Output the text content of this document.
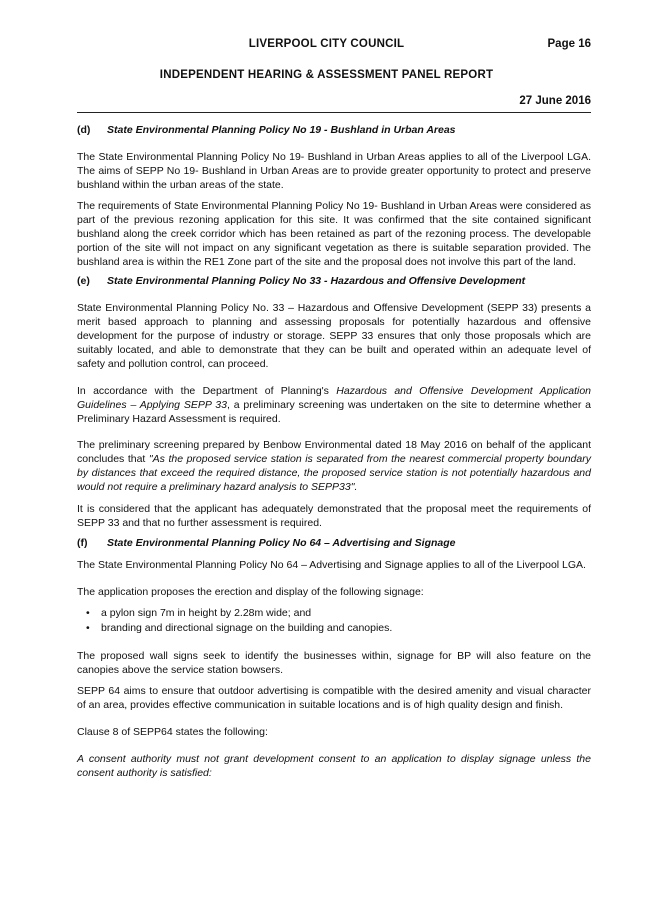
LIVERPOOL CITY COUNCIL	Page 16
INDEPENDENT HEARING & ASSESSMENT PANEL REPORT
27 June 2016
(d)	State Environmental Planning Policy No 19 - Bushland in Urban Areas

The State Environmental Planning Policy No 19- Bushland in Urban Areas applies to all of the Liverpool LGA. The aims of SEPP No 19- Bushland in Urban Areas are to provide greater opportunity to protect and preserve bushland within the urban areas of the state.

The requirements of State Environmental Planning Policy No 19- Bushland in Urban Areas were considered as part of the previous rezoning application for this site. It was confirmed that the site contained significant bushland along the creek corridor which has been retained as part of the rezoning process. The developable portion of the site will not impact on any significant vegetation as there is suitable separation provided. The bushland area is within the RE1 Zone part of the site and the proposal does not involve this part of the land.

(e)	State Environmental Planning Policy No 33 - Hazardous and Offensive Development

State Environmental Planning Policy No. 33 – Hazardous and Offensive Development (SEPP 33) presents a merit based approach to planning and assessing proposals for potentially hazardous and offensive development for the purpose of industry or storage. SEPP 33 ensures that only those proposals which are suitably located, and able to demonstrate that they can be built and operated within an adequate level of safety and pollution control, can proceed.

In accordance with the Department of Planning's Hazardous and Offensive Development Application Guidelines – Applying SEPP 33, a preliminary screening was undertaken on the site to determine whether a Preliminary Hazard Assessment is required.

The preliminary screening prepared by Benbow Environmental dated 18 May 2016 on behalf of the applicant concludes that "As the proposed service station is separated from the nearest commercial property boundary by distances that exceed the required distance, the proposed service station is not potentially hazardous and would not require a preliminary hazard analysis to SEPP33".

It is considered that the applicant has adequately demonstrated that the proposal meet the requirements of SEPP 33 and that no further assessment is required.

(f)	State Environmental Planning Policy No 64 – Advertising and Signage

The State Environmental Planning Policy No 64 – Advertising and Signage applies to all of the Liverpool LGA.

The application proposes the erection and display of the following signage:

•	a pylon sign 7m in height by 2.28m wide; and
•	branding and directional signage on the building and canopies.

The proposed wall signs seek to identify the businesses within, signage for BP will also feature on the canopies above the service station bowsers.

SEPP 64 aims to ensure that outdoor advertising is compatible with the desired amenity and visual character of an area, provides effective communication in suitable locations and is of high quality design and finish.

Clause 8 of SEPP64 states the following:

A consent authority must not grant development consent to an application to display signage unless the consent authority is satisfied:
